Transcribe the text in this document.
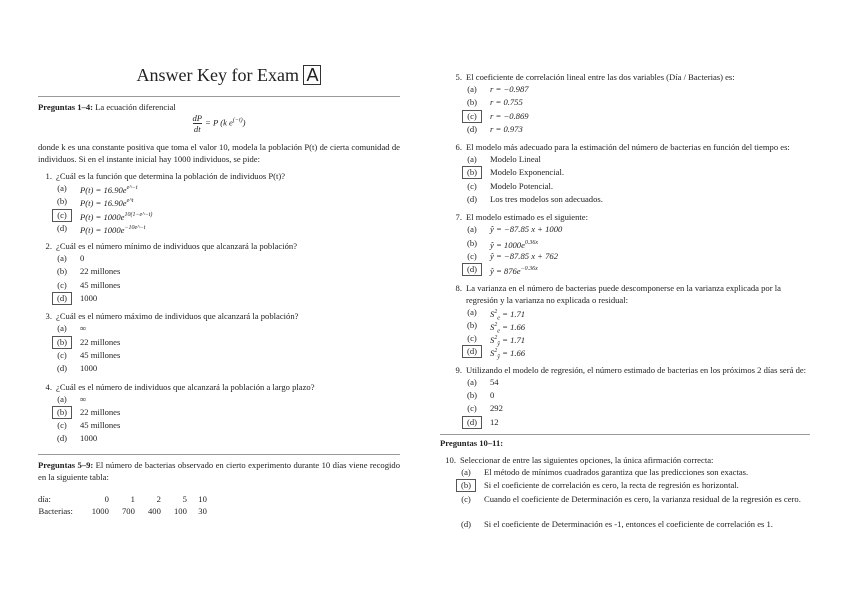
Answer Key for Exam A
Preguntas 1–4: La ecuación diferencial
$\frac{dP}{dt} = P$ (k $e^{(-t)}$)
donde k es una constante positiva que toma el valor 10, modela la población P(t) de cierta comunidad de individuos. Si en el instante inicial hay 1000 individuos, se pide:
1. ¿Cuál es la función que determina la población de individuos P(t)?
(a)	$P(t) = 16.90e^{e\^{}-t}$
(b)	$P(t) = 16.90e^{e\^{}t}$
(c)	$P(t) = 1000e^{10(1-e\^{}-t)}$
(d)	$P(t) = 1000e^{-10e\^{}-t}$
2. ¿Cuál es el número mínimo de individuos que alcanzará la población?
(a)	0
(b)	22 millones
(c)	45 millones
(d)	1000
3. ¿Cuál es el número máximo de individuos que alcanzará la población?
(a)	∞
(b)	22 millones
(c)	45 millones
(d)	1000
4. ¿Cuál es el número de individuos que alcanzará la población a largo plazo?
(a)	∞
(b)	22 millones
(c)	45 millones
(d)	1000
Preguntas 5–9: El número de bacterias observado en cierto experimento durante 10 días viene recogido en la siguiente tabla:
día:	0	1	2	5	10
Bacterias:	1000	700	400	100	30
5. El coeficiente de correlación lineal entre las dos variables (Día / Bacterias) es:
(a)	r = −0.987
(b)	r = 0.755
(c)	r = −0.869
(d)	r = 0.973
6. El modelo más adecuado para la estimación del número de bacterias en función del tiempo es:
(a)	Modelo Lineal
(b)	Modelo Exponencial.
(c)	Modelo Potencial.
(d)	Los tres modelos son adecuados.
7. El modelo estimado es el siguiente:
(a)	ŷ = −87.85 x + 1000
(b)	ŷ = $1000e^{0.36x}$
(c)	ŷ = −87.85 x + 762
(d)	ŷ = $876e^{-0.36x}$
8. La varianza en el número de bacterias puede descomponerse en la varianza explicada por la regresión y la varianza no explicada o residual:
(a)	$S^2_e = 1.71$
(b)	$S^2_e = 1.66$
(c)	$S^2_ŷ = 1.71$
(d)	$S^2_ŷ = 1.66$
9. Utilizando el modelo de regresión, el número estimado de bacterias en los próximos 2 días será de:
(a)	54
(b)	0
(c)	292
(d)	12
Preguntas 10–11:
10. Seleccionar de entre las siguientes opciones, la única afirmación correcta:
(a)	El método de mínimos cuadrados garantiza que las predicciones son exactas.
(b)	Si el coeficiente de correlación es cero, la recta de regresión es horizontal.
(c)	Cuando el coeficiente de Determinación es cero, la varianza residual de la regresión es cero.
(d)	Si el coeficiente de Determinación es -1, entonces el coeficiente de correlación es 1.
